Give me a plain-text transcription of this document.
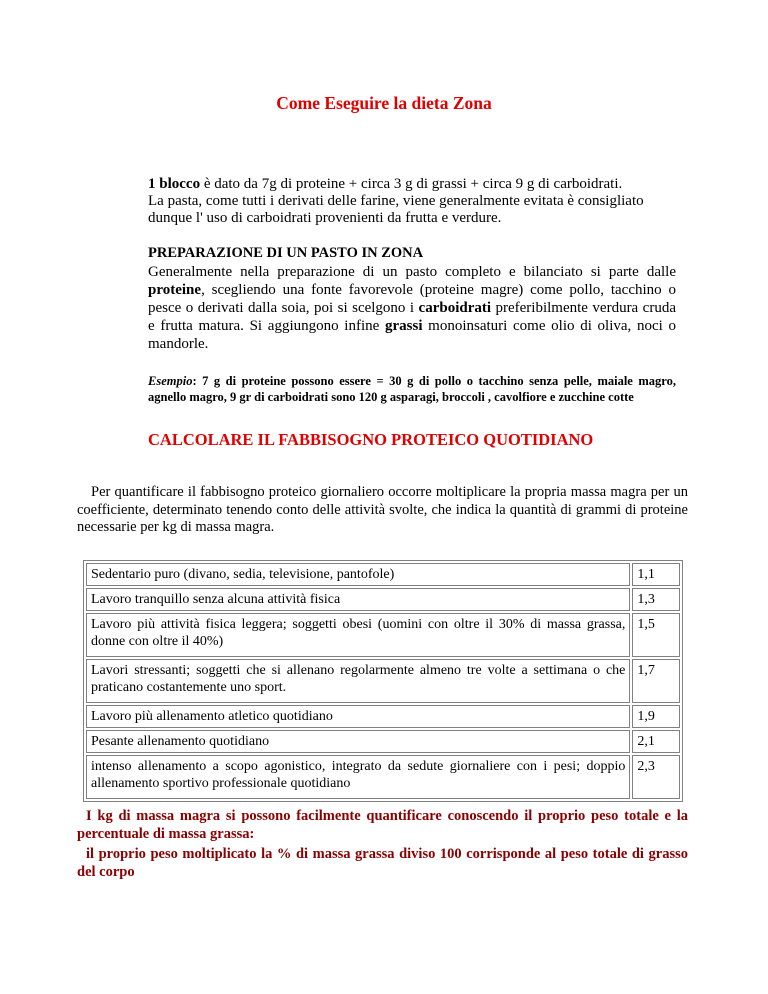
Come Eseguire la dieta Zona

1 blocco è dato da 7g di proteine + circa 3 g di grassi + circa 9 g di carboidrati.

La pasta, come tutti i derivati delle farine, viene generalmente evitata è consigliato dunque l' uso di carboidrati provenienti da frutta e verdure.

PREPARAZIONE DI UN PASTO IN ZONA
Generalmente nella preparazione di un pasto completo e bilanciato si parte dalle proteine, scegliendo una fonte favorevole (proteine magre) come pollo, tacchino o pesce o derivati dalla soia, poi si scelgono i carboidrati preferibilmente verdura cruda e frutta matura. Si aggiungono infine grassi monoinsaturi come olio di oliva, noci o mandorle.
Esempio: 7 g di proteine possono essere = 30 g di pollo o tacchino senza pelle, maiale magro, agnello magro, 9 gr di carboidrati sono 120 g asparagi, broccoli , cavolfiore e zucchine cotte
CALCOLARE IL FABBISOGNO PROTEICO QUOTIDIANO
Per quantificare il fabbisogno proteico giornaliero occorre moltiplicare la propria massa magra per un coefficiente, determinato tenendo conto delle attività svolte, che indica la quantità di grammi di proteine necessarie per kg di massa magra.
Sedentario puro (divano, sedia, televisione, pantofole)	1,1
Lavoro tranquillo senza alcuna attività fisica	1,3
Lavoro più attività fisica leggera; soggetti obesi (uomini con oltre il 30% di massa grassa, donne con oltre il 40%)	1,5
Lavori stressanti; soggetti che si allenano regolarmente almeno tre volte a settimana o che praticano costantemente uno sport.	1,7
Lavoro più allenamento atletico quotidiano	1,9
Pesante allenamento quotidiano	2,1
intenso allenamento a scopo agonistico, integrato da sedute giornaliere con i pesi; doppio allenamento sportivo professionale quotidiano	2,3
I kg di massa magra si possono facilmente quantificare conoscendo il proprio peso totale e la percentuale di massa grassa:
il proprio peso moltiplicato la % di massa grassa diviso 100 corrisponde al peso totale di grasso del corpo
